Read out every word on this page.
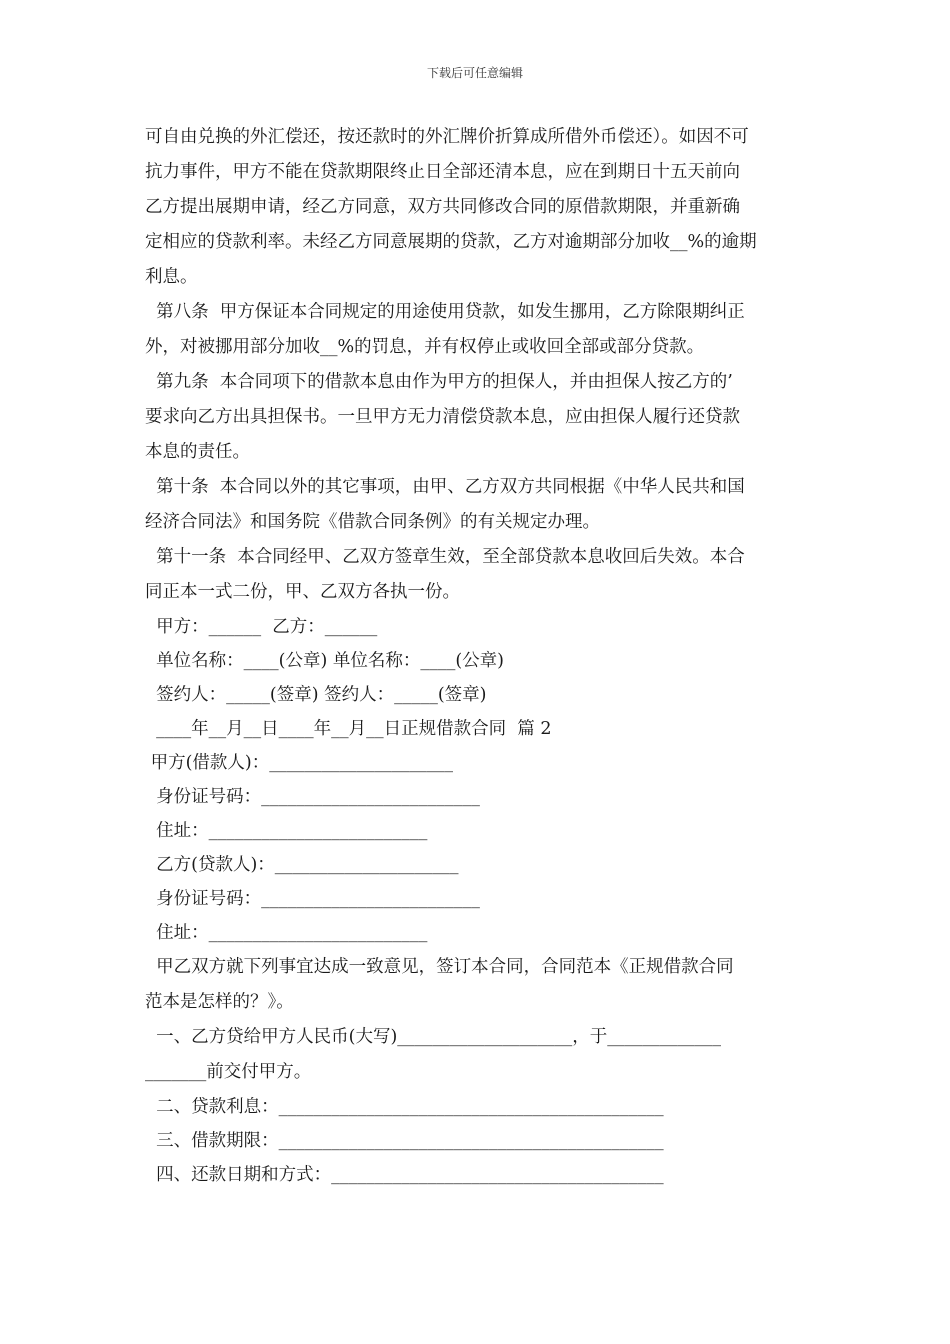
下载后可任意编辑

可自由兑换的外汇偿还，按还款时的外汇牌价折算成所借外币偿还）。如因不可

抗力事件，甲方不能在贷款期限终止日全部还清本息，应在到期日十五天前向

乙方提出展期申请，经乙方同意，双方共同修改合同的原借款期限，并重新确

定相应的贷款利率。未经乙方同意展期的贷款，乙方对逾期部分加收__%的逾期

利息。

第八条  甲方保证本合同规定的用途使用贷款，如发生挪用，乙方除限期纠正

外，对被挪用部分加收__%的罚息，并有权停止或收回全部或部分贷款。

第九条  本合同项下的借款本息由作为甲方的担保人，并由担保人按乙方的’

要求向乙方出具担保书。一旦甲方无力清偿贷款本息，应由担保人履行还贷款

本息的责任。

第十条  本合同以外的其它事项，由甲、乙方双方共同根据《中华人民共和国

经济合同法》和国务院《借款合同条例》的有关规定办理。

第十一条  本合同经甲、乙双方签章生效，至全部贷款本息收回后失效。本合

同正本一式二份，甲、乙双方各执一份。

甲方：______  乙方：______

单位名称：____(公章) 单位名称：____(公章)

签约人：_____(签章) 签约人：_____(签章)

____年__月__日____年__月__日正规借款合同  篇 2

甲方(借款人)：_____________________

身份证号码：_________________________

住址：_________________________

乙方(贷款人)：_____________________

身份证号码：_________________________

住址：_________________________

甲乙双方就下列事宜达成一致意见，签订本合同，合同范本《正规借款合同

范本是怎样的？》。

一、乙方贷给甲方人民币(大写)____________________，于_____________

_______前交付甲方。

二、贷款利息：____________________________________________

三、借款期限：____________________________________________

四、还款日期和方式：______________________________________
